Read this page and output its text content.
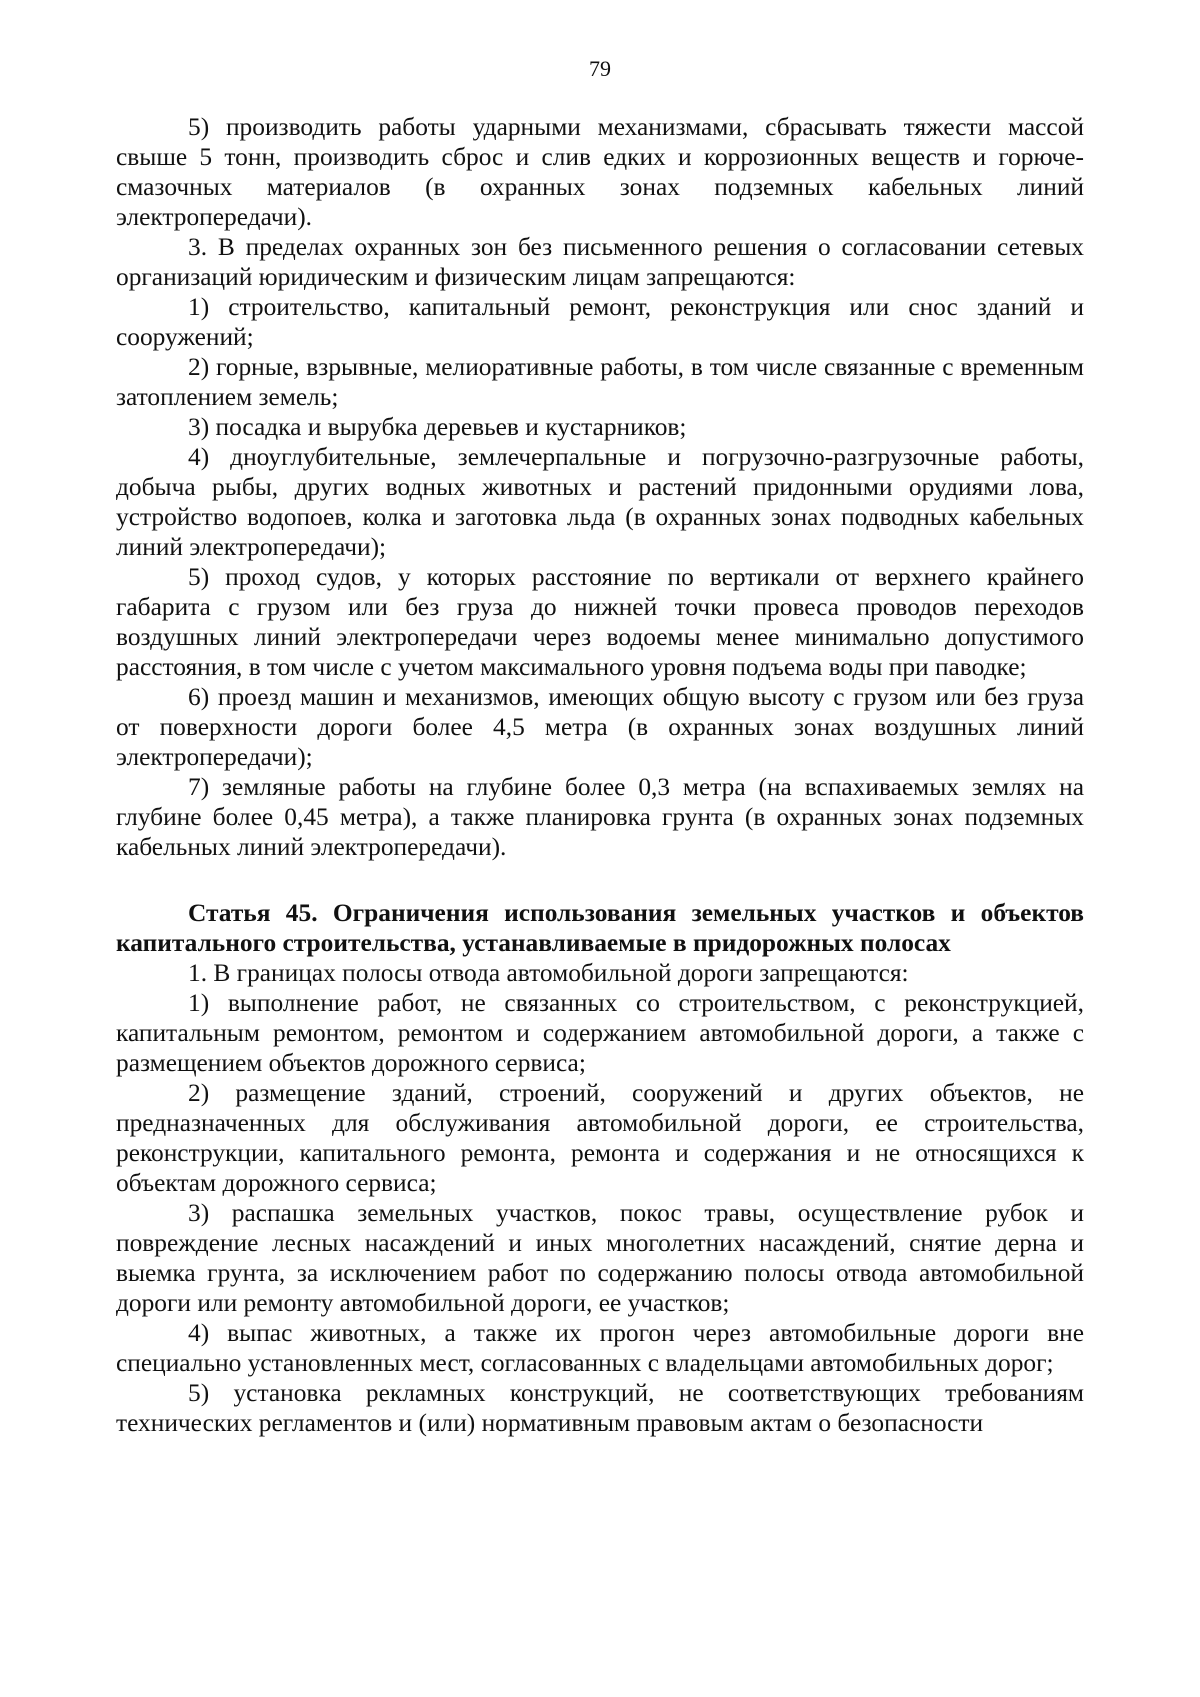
79

5) производить работы ударными механизмами, сбрасывать тяжести массой свыше 5 тонн, производить сброс и слив едких и коррозионных веществ и горюче-смазочных материалов (в охранных зонах подземных кабельных линий электропередачи).

3. В пределах охранных зон без письменного решения о согласовании сетевых организаций юридическим и физическим лицам запрещаются:

1) строительство, капитальный ремонт, реконструкция или снос зданий и сооружений;

2) горные, взрывные, мелиоративные работы, в том числе связанные с временным затоплением земель;

3) посадка и вырубка деревьев и кустарников;

4) дноуглубительные, землечерпальные и погрузочно-разгрузочные работы, добыча рыбы, других водных животных и растений придонными орудиями лова, устройство водопоев, колка и заготовка льда (в охранных зонах подводных кабельных линий электропередачи);

5) проход судов, у которых расстояние по вертикали от верхнего крайнего габарита с грузом или без груза до нижней точки провеса проводов переходов воздушных линий электропередачи через водоемы менее минимально допустимого расстояния, в том числе с учетом максимального уровня подъема воды при паводке;

6) проезд машин и механизмов, имеющих общую высоту с грузом или без груза от поверхности дороги более 4,5 метра (в охранных зонах воздушных линий электропередачи);

7) земляные работы на глубине более 0,3 метра (на вспахиваемых землях на глубине более 0,45 метра), а также планировка грунта (в охранных зонах подземных кабельных линий электропередачи).

Статья 45. Ограничения использования земельных участков и объектов капитального строительства, устанавливаемые в придорожных полосах

1. В границах полосы отвода автомобильной дороги запрещаются:

1) выполнение работ, не связанных со строительством, с реконструкцией, капитальным ремонтом, ремонтом и содержанием автомобильной дороги, а также с размещением объектов дорожного сервиса;

2) размещение зданий, строений, сооружений и других объектов, не предназначенных для обслуживания автомобильной дороги, ее строительства, реконструкции, капитального ремонта, ремонта и содержания и не относящихся к объектам дорожного сервиса;

3) распашка земельных участков, покос травы, осуществление рубок и повреждение лесных насаждений и иных многолетних насаждений, снятие дерна и выемка грунта, за исключением работ по содержанию полосы отвода автомобильной дороги или ремонту автомобильной дороги, ее участков;

4) выпас животных, а также их прогон через автомобильные дороги вне специально установленных мест, согласованных с владельцами автомобильных дорог;

5) установка рекламных конструкций, не соответствующих требованиям технических регламентов и (или) нормативным правовым актам о безопасности
